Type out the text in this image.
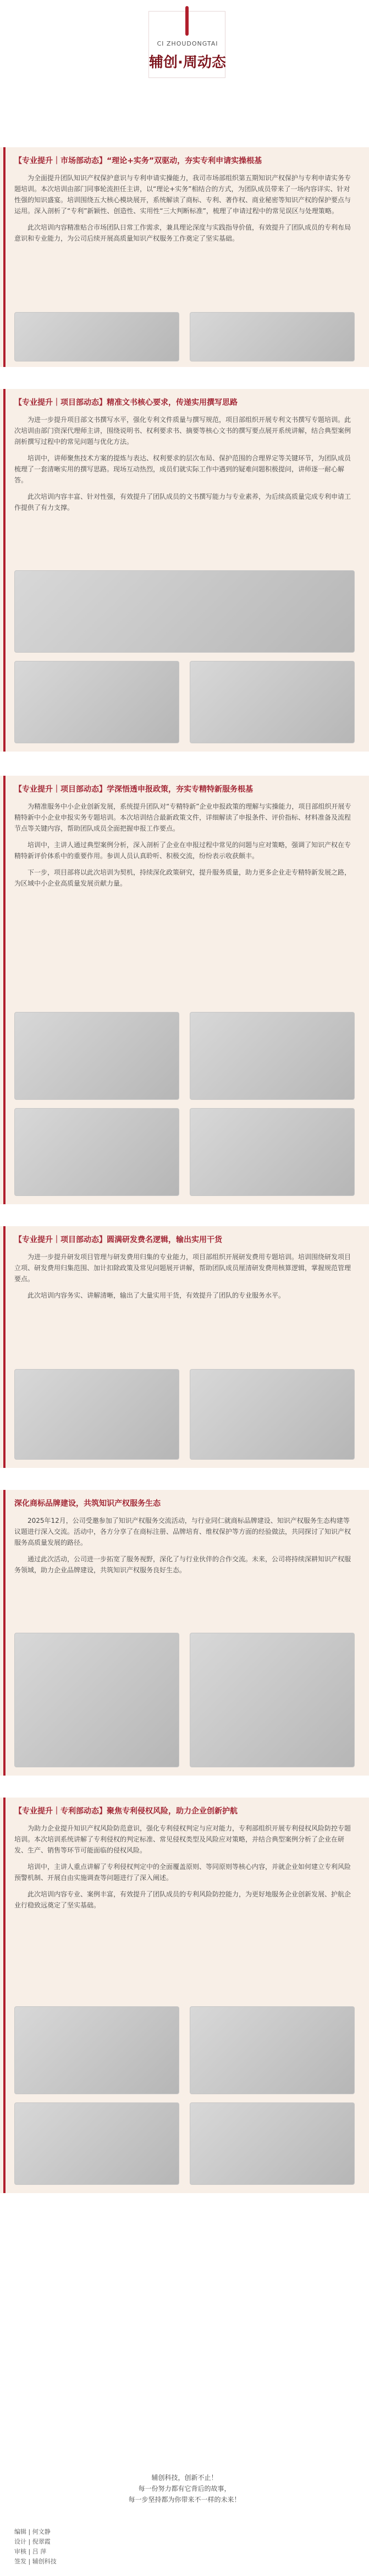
CI ZHOUDONGTAI
辅创·周动态
【专业提升｜市场部动态】“理论+实务”双驱动，夯实专利申请实操根基

为全面提升团队知识产权保护意识与专利申请实操能力，我司市场部组织第五期知识产权保护与专利申请实务专题培训。本次培训由部门同事轮流担任主讲，以“理论+实务”相结合的方式，为团队成员带来了一场内容详实、针对性强的知识盛宴。培训围绕五大核心模块展开，系统解读了商标、专利、著作权、商业秘密等知识产权的保护要点与运用。深入剖析了“专利”新颖性、创造性、实用性“三大判断标准”，梳理了申请过程中的常见误区与处理策略。

此次培训内容精准贴合市场团队日常工作需求，兼具理论深度与实践指导价值，有效提升了团队成员的专利布局意识和专业能力，为公司后续开展高质量知识产权服务工作奠定了坚实基础。

【专业提升｜项目部动态】精准文书核心要求，传递实用撰写思路

为进一步提升项目部文书撰写水平，强化专利文件质量与撰写规范，项目部组织开展专利文书撰写专题培训。此次培训由部门资深代理师主讲，围绕说明书、权利要求书、摘要等核心文书的撰写要点展开系统讲解，结合典型案例剖析撰写过程中的常见问题与优化方法。

培训中，讲师聚焦技术方案的提炼与表达、权利要求的层次布局、保护范围的合理界定等关键环节，为团队成员梳理了一套清晰实用的撰写思路。现场互动热烈，成员们就实际工作中遇到的疑难问题积极提问，讲师逐一耐心解答。

此次培训内容丰富、针对性强，有效提升了团队成员的文书撰写能力与专业素养，为后续高质量完成专利申请工作提供了有力支撑。

【专业提升｜项目部动态】学深悟透申报政策，夯实专精特新服务根基

为精准服务中小企业创新发展，系统提升团队对“专精特新”企业申报政策的理解与实操能力，项目部组织开展专精特新中小企业申报实务专题培训。本次培训结合最新政策文件，详细解读了申报条件、评价指标、材料准备及流程节点等关键内容，帮助团队成员全面把握申报工作要点。

培训中，主讲人通过典型案例分析，深入剖析了企业在申报过程中常见的问题与应对策略，强调了知识产权在专精特新评价体系中的重要作用。参训人员认真聆听、积极交流，纷纷表示收获颇丰。

下一步，项目部将以此次培训为契机，持续深化政策研究，提升服务质量，助力更多企业走专精特新发展之路，为区域中小企业高质量发展贡献力量。

【专业提升｜项目部动态】圆满研发费名逻辑，输出实用干货

为进一步提升研发项目管理与研发费用归集的专业能力，项目部组织开展研发费用专题培训。培训围绕研发项目立项、研发费用归集范围、加计扣除政策及常见问题展开讲解，帮助团队成员厘清研发费用核算逻辑，掌握规范管理要点。

此次培训内容务实、讲解清晰，输出了大量实用干货，有效提升了团队的专业服务水平。

深化商标品牌建设，共筑知识产权服务生态

2025年12月，公司受邀参加了知识产权服务交流活动，与行业同仁就商标品牌建设、知识产权服务生态构建等议题进行深入交流。活动中，各方分享了在商标注册、品牌培育、维权保护等方面的经验做法，共同探讨了知识产权服务高质量发展的路径。

通过此次活动，公司进一步拓宽了服务视野，深化了与行业伙伴的合作交流。未来，公司将持续深耕知识产权服务领域，助力企业品牌建设，共筑知识产权服务良好生态。

【专业提升｜专利部动态】聚焦专利侵权风险，助力企业创新护航

为助力企业提升知识产权风险防范意识，强化专利侵权判定与应对能力，专利部组织开展专利侵权风险防控专题培训。本次培训系统讲解了专利侵权的判定标准、常见侵权类型及风险应对策略，并结合典型案例分析了企业在研发、生产、销售等环节可能面临的侵权风险。

培训中，主讲人重点讲解了专利侵权判定中的全面覆盖原则、等同原则等核心内容，并就企业如何建立专利风险预警机制、开展自由实施调查等问题进行了深入阐述。

此次培训内容专业、案例丰富，有效提升了团队成员的专利风险防控能力，为更好地服务企业创新发展、护航企业行稳致远奠定了坚实基础。

辅创科技，创新不止！
每一份努力都有它背后的故事，
每一步坚持都为你带来不一样的未来！
编辑 | 何文静
设计 | 倪翠霞
审核 | 吕 萍
签发 | 辅创科技
